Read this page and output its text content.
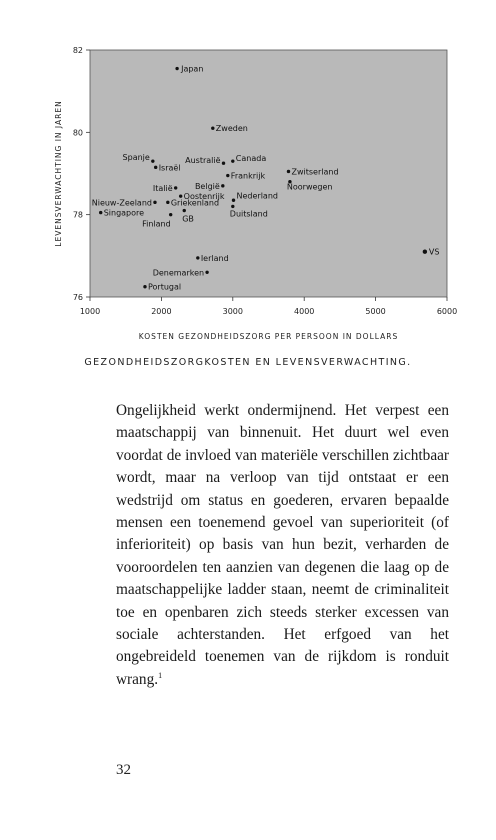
1000	2000	3000	4000	5000	6000
76
78
80
82
Japan
Zweden
Spanje
Israël
Australië Canada
Zwitserland
Frankrijk
Noorwegen
Italië	België
Oostenrijk
Nieuw-Zeeland Griekenland
Nederland
Singapore
Finland
GB
Duitsland
VS
Ierland
Denemarken
Portugal
KOSTEN GEZONDHEIDSZORG PER PERSOON IN DOLLARS
LEVENSVERWACHTING IN JAREN
GEZONDHEIDSZORGKOSTEN EN LEVENSVERWACHTING.
Ongelijkheid werkt ondermijnend. Het verpest een maatschappij van binnenuit. Het duurt wel even voordat de invloed van materiële verschillen zichtbaar wordt, maar na verloop van tijd ontstaat er een wedstrijd om status en goederen, ervaren bepaalde mensen een toenemend gevoel van superioriteit (of inferioriteit) op basis van hun bezit, verharden de vooroordelen ten aanzien van degenen die laag op de maatschappelijke ladder staan, neemt de criminaliteit toe en openbaren zich steeds sterker excessen van sociale achterstanden. Het erfgoed van het ongebreideld toenemen van de rijkdom is ronduit wrang.$^1$
32
